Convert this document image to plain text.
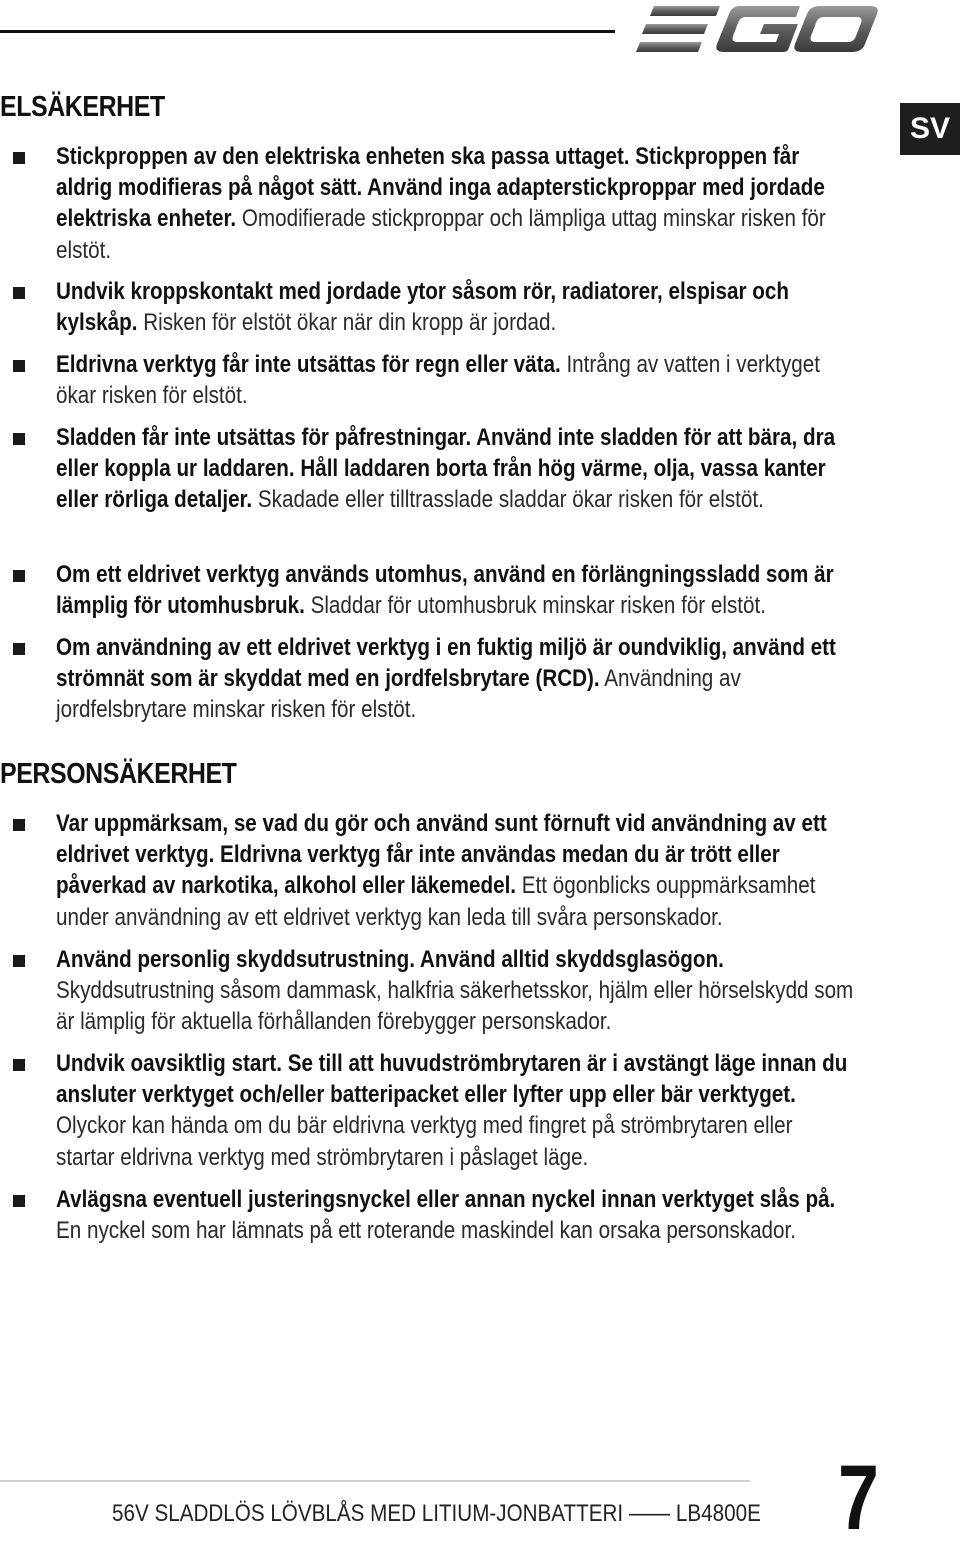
SV
ELSÄKERHET
Stickproppen av den elektriska enheten ska passa uttaget. Stickproppen får aldrig modifieras på något sätt. Använd inga adapterstickproppar med jordade elektriska enheter. Omodifierade stickproppar och lämpliga uttag minskar risken för elstöt.
Undvik kroppskontakt med jordade ytor såsom rör, radiatorer, elspisar och kylskåp. Risken för elstöt ökar när din kropp är jordad.
Eldrivna verktyg får inte utsättas för regn eller väta. Intrång av vatten i verktyget ökar risken för elstöt.
Sladden får inte utsättas för påfrestningar. Använd inte sladden för att bära, dra eller koppla ur laddaren. Håll laddaren borta från hög värme, olja, vassa kanter eller rörliga detaljer. Skadade eller tilltrasslade sladdar ökar risken för elstöt.
Om ett eldrivet verktyg används utomhus, använd en förlängningssladd som är lämplig för utomhusbruk. Sladdar för utomhusbruk minskar risken för elstöt.
Om användning av ett eldrivet verktyg i en fuktig miljö är oundviklig, använd ett strömnät som är skyddat med en jordfelsbrytare (RCD). Användning av jordfelsbrytare minskar risken för elstöt.
PERSONSÄKERHET
Var uppmärksam, se vad du gör och använd sunt förnuft vid användning av ett eldrivet verktyg. Eldrivna verktyg får inte användas medan du är trött eller påverkad av narkotika, alkohol eller läkemedel. Ett ögonblicks ouppmärksamhet under användning av ett eldrivet verktyg kan leda till svåra personskador.
Använd personlig skyddsutrustning. Använd alltid skyddsglasögon. Skyddsutrustning såsom dammask, halkfria säkerhetsskor, hjälm eller hörselskydd som är lämplig för aktuella förhållanden förebygger personskador.
Undvik oavsiktlig start. Se till att huvudströmbrytaren är i avstängt läge innan du ansluter verktyget och/eller batteripacket eller lyfter upp eller bär verktyget. Olyckor kan hända om du bär eldrivna verktyg med fingret på strömbrytaren eller startar eldrivna verktyg med strömbrytaren i påslaget läge.
Avlägsna eventuell justeringsnyckel eller annan nyckel innan verktyget slås på. En nyckel som har lämnats på ett roterande maskindel kan orsaka personskador.
56V SLADDLÖS LÖVBLÅS MED LITIUM-JONBATTERI —— LB4800E 7
